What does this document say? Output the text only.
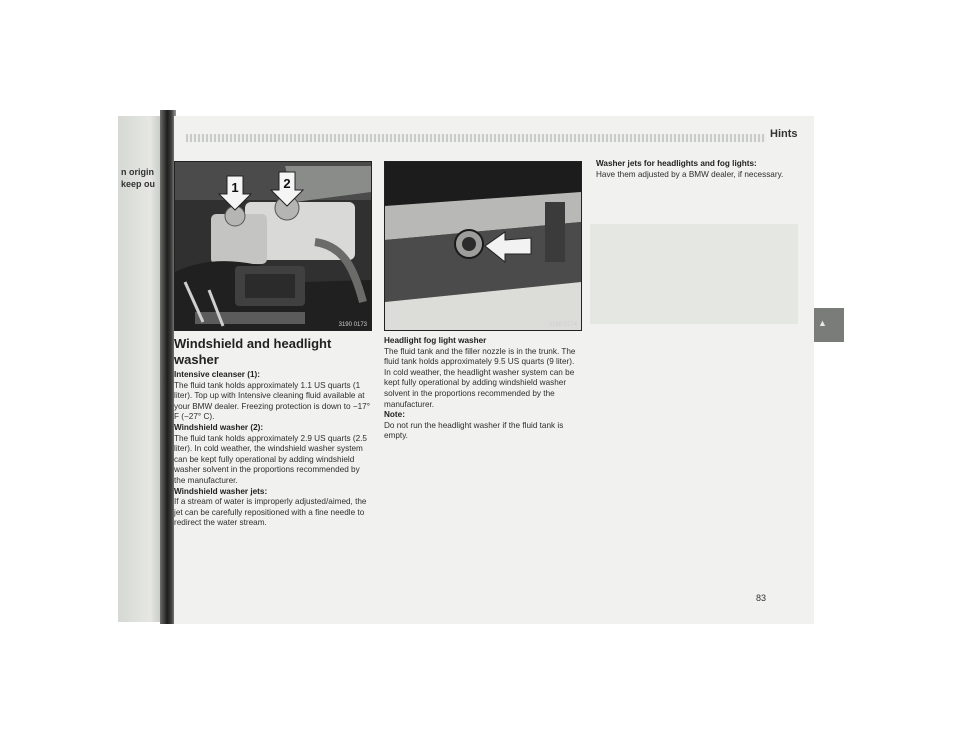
n origin
keep ou
Hints
1	2
3190 0173	3190 0174
Windshield and headlight washer
Intensive cleanser (1):

The fluid tank holds approximately 1.1 US quarts (1 liter). Top up with Intensive cleaning fluid available at your BMW dealer. Freezing protection is down to −17° F (−27° C).

Windshield washer (2):

The fluid tank holds approximately 2.9 US quarts (2.5 liter). In cold weather, the windshield washer system can be kept fully operational by adding windshield washer solvent in the proportions recommended by the manufacturer.

Windshield washer jets:

If a stream of water is improperly adjusted/aimed, the jet can be carefully repositioned with a fine needle to redirect the water stream.

Headlight fog light washer

The fluid tank and the filler nozzle is in the trunk. The fluid tank holds approximately 9.5 US quarts (9 liter). In cold weather, the headlight washer system can be kept fully operational by adding windshield washer solvent in the proportions recommended by the manufacturer.

Note:

Do not run the headlight washer if the fluid tank is empty.

Washer jets for headlights and fog lights:

Have them adjusted by a BMW dealer, if necessary.

83
▲
